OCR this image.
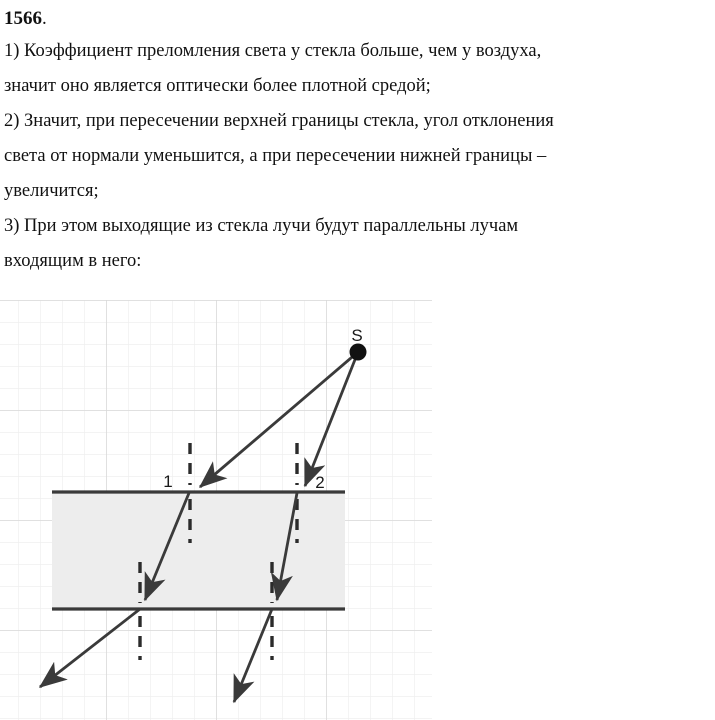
1566.

1) Коэффициент преломления света у стекла больше, чем у воздуха,

значит оно является оптически более плотной средой;

2) Значит, при пересечении верхней границы стекла, угол отклонения

света от нормали уменьшится, а при пересечении нижней границы –

увеличится;

3) При этом выходящие из стекла лучи будут параллельны лучам

входящим в него:

S
1	2
